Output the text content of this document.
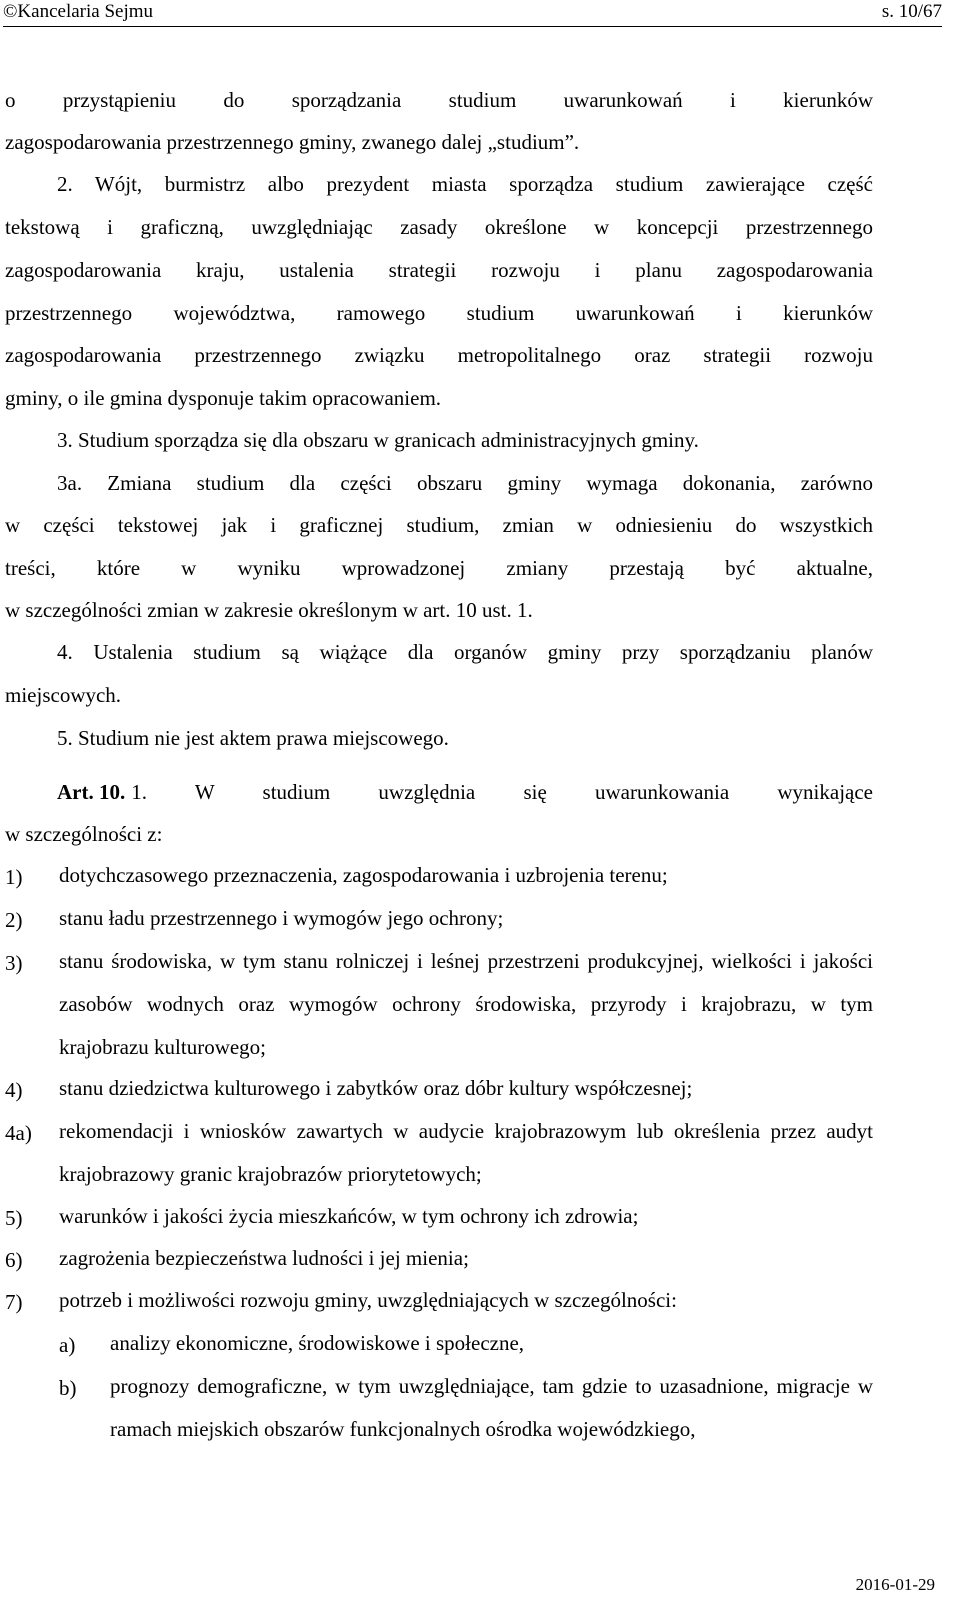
©Kancelaria Sejmu	s. 10/67
o przystąpieniu do sporządzania studium uwarunkowań i kierunków
zagospodarowania przestrzennego gminy, zwanego dalej „studium”.
2. Wójt, burmistrz albo prezydent miasta sporządza studium zawierające część
tekstową i graficzną, uwzględniając zasady określone w koncepcji przestrzennego
zagospodarowania kraju, ustalenia strategii rozwoju i planu zagospodarowania
przestrzennego województwa, ramowego studium uwarunkowań i kierunków
zagospodarowania przestrzennego związku metropolitalnego oraz strategii rozwoju
gminy, o ile gmina dysponuje takim opracowaniem.
3. Studium sporządza się dla obszaru w granicach administracyjnych gminy.
3a. Zmiana studium dla części obszaru gminy wymaga dokonania, zarówno
w części tekstowej jak i graficznej studium, zmian w odniesieniu do wszystkich
treści, które w wyniku wprowadzonej zmiany przestają być aktualne,
w szczególności zmian w zakresie określonym w art. 10 ust. 1.
4. Ustalenia studium są wiążące dla organów gminy przy sporządzaniu planów
miejscowych.
5. Studium nie jest aktem prawa miejscowego.
Art. 10. 1. W studium uwzględnia się uwarunkowania wynikające
w szczególności z:
1) dotychczasowego przeznaczenia, zagospodarowania i uzbrojenia terenu;
2) stanu ładu przestrzennego i wymogów jego ochrony;
3) stanu środowiska, w tym stanu rolniczej i leśnej przestrzeni produkcyjnej, wielkości i jakości zasobów wodnych oraz wymogów ochrony środowiska, przyrody i krajobrazu, w tym krajobrazu kulturowego;
4) stanu dziedzictwa kulturowego i zabytków oraz dóbr kultury współczesnej;
4a) rekomendacji i wniosków zawartych w audycie krajobrazowym lub określenia przez audyt krajobrazowy granic krajobrazów priorytetowych;
5) warunków i jakości życia mieszkańców, w tym ochrony ich zdrowia;
6) zagrożenia bezpieczeństwa ludności i jej mienia;
7) potrzeb i możliwości rozwoju gminy, uwzględniających w szczególności:
a) analizy ekonomiczne, środowiskowe i społeczne,
b) prognozy demograficzne, w tym uwzględniające, tam gdzie to uzasadnione, migracje w ramach miejskich obszarów funkcjonalnych ośrodka wojewódzkiego,
2016-01-29
